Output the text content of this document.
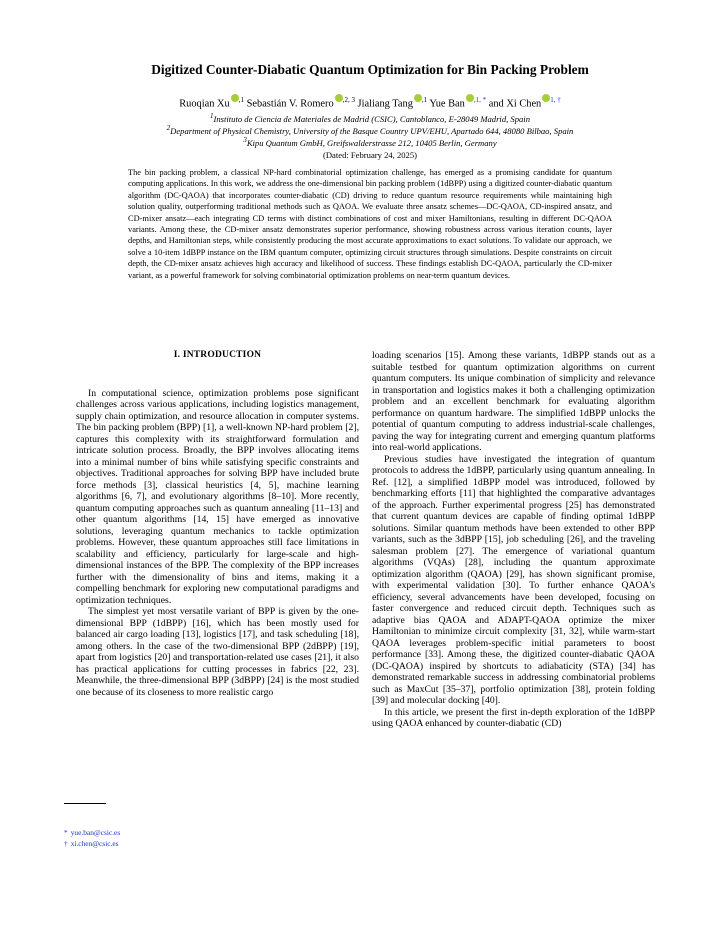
Digitized Counter-Diabatic Quantum Optimization for Bin Packing Problem
Ruoqian Xu $^{,1}$ Sebastián V. Romero $^{,2, 3}$ Jialiang Tang $^{,1}$ Yue Ban $^{,1, *}$ and Xi Chen $^{1, \dagger}$
$^1$Instituto de Ciencia de Materiales de Madrid (CSIC), Cantoblanco, E-28049 Madrid, Spain
$^2$Department of Physical Chemistry, University of the Basque Country UPV/EHU, Apartado 644, 48080 Bilbao, Spain
$^3$Kipu Quantum GmbH, Greifswalderstrasse 212, 10405 Berlin, Germany
(Dated: February 24, 2025)
The bin packing problem, a classical NP-hard combinatorial optimization challenge, has emerged as a promising candidate for quantum computing applications. In this work, we address the one-dimensional bin packing problem (1dBPP) using a digitized counter-diabatic quantum algorithm (DC-QAOA) that incorporates counter-diabatic (CD) driving to reduce quantum resource requirements while maintaining high solution quality, outperforming traditional methods such as QAOA. We evaluate three ansatz schemes—DC-QAOA, CD-inspired ansatz, and CD-mixer ansatz—each integrating CD terms with distinct combinations of cost and mixer Hamiltonians, resulting in different DC-QAOA variants. Among these, the CD-mixer ansatz demonstrates superior performance, showing robustness across various iteration counts, layer depths, and Hamiltonian steps, while consistently producing the most accurate approximations to exact solutions. To validate our approach, we solve a 10-item 1dBPP instance on the IBM quantum computer, optimizing circuit structures through simulations. Despite constraints on circuit depth, the CD-mixer ansatz achieves high accuracy and likelihood of success. These findings establish DC-QAOA, particularly the CD-mixer variant, as a powerful framework for solving combinatorial optimization problems on near-term quantum devices.
I. INTRODUCTION

In computational science, optimization problems pose significant challenges across various applications, including logistics management, supply chain optimization, and resource allocation in computer systems. The bin packing problem (BPP) [1], a well-known NP-hard problem [2], captures this complexity with its straightforward formulation and intricate solution process. Broadly, the BPP involves allocating items into a minimal number of bins while satisfying specific constraints and objectives. Traditional approaches for solving BPP have included brute force methods [3], classical heuristics [4, 5], machine learning algorithms [6, 7], and evolutionary algorithms [8–10]. More recently, quantum computing approaches such as quantum annealing [11–13] and other quantum algorithms [14, 15] have emerged as innovative solutions, leveraging quantum mechanics to tackle optimization problems. However, these quantum approaches still face limitations in scalability and efficiency, particularly for large-scale and high-dimensional instances of the BPP. The complexity of the BPP increases further with the dimensionality of bins and items, making it a compelling benchmark for exploring new computational paradigms and optimization techniques.

The simplest yet most versatile variant of BPP is given by the one-dimensional BPP (1dBPP) [16], which has been mostly used for balanced air cargo loading [13], logistics [17], and task scheduling [18], among others. In the case of the two-dimensional BPP (2dBPP) [19], apart from logistics [20] and transportation-related use cases [21], it also has practical applications for cutting processes in fabrics [22, 23]. Meanwhile, the three-dimensional BPP (3dBPP) [24] is the most studied one because of its closeness to more realistic cargo

loading scenarios [15]. Among these variants, 1dBPP stands out as a suitable testbed for quantum optimization algorithms on current quantum computers. Its unique combination of simplicity and relevance in transportation and logistics makes it both a challenging optimization problem and an excellent benchmark for evaluating algorithm performance on quantum hardware. The simplified 1dBPP unlocks the potential of quantum computing to address industrial-scale challenges, paving the way for integrating current and emerging quantum platforms into real-world applications.

Previous studies have investigated the integration of quantum protocols to address the 1dBPP, particularly using quantum annealing. In Ref. [12], a simplified 1dBPP model was introduced, followed by benchmarking efforts [11] that highlighted the comparative advantages of the approach. Further experimental progress [25] has demonstrated that current quantum devices are capable of finding optimal 1dBPP solutions. Similar quantum methods have been extended to other BPP variants, such as the 3dBPP [15], job scheduling [26], and the traveling salesman problem [27]. The emergence of variational quantum algorithms (VQAs) [28], including the quantum approximate optimization algorithm (QAOA) [29], has shown significant promise, with experimental validation [30]. To further enhance QAOA's efficiency, several advancements have been developed, focusing on faster convergence and reduced circuit depth. Techniques such as adaptive bias QAOA and ADAPT-QAOA optimize the mixer Hamiltonian to minimize circuit complexity [31, 32], while warm-start QAOA leverages problem-specific initial parameters to boost performance [33]. Among these, the digitized counter-diabatic QAOA (DC-QAOA) inspired by shortcuts to adiabaticity (STA) [34] has demonstrated remarkable success in addressing combinatorial problems such as MaxCut [35–37], portfolio optimization [38], protein folding [39] and molecular docking [40].

In this article, we present the first in-depth exploration of the 1dBPP using QAOA enhanced by counter-diabatic (CD)

* yue.ban@csic.es
† xi.chen@csic.es
